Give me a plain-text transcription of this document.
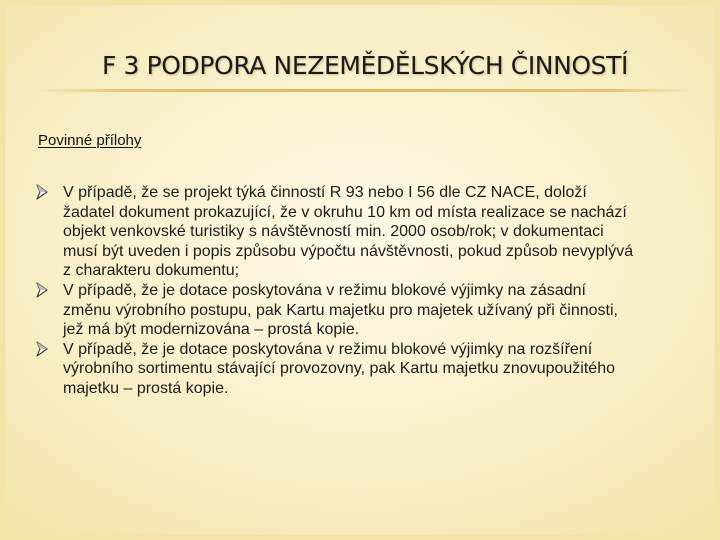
F 3 PODPORA NEZEMĚDĚLSKÝCH ČINNOSTÍ
Povinné přílohy
V případě, že se projekt týká činností R 93 nebo I 56 dle CZ NACE, doloží
žadatel dokument prokazující, že v okruhu 10 km od místa realizace se nachází
objekt venkovské turistiky s návštěvností min. 2000 osob/rok; v dokumentaci
musí být uveden i popis způsobu výpočtu návštěvnosti, pokud způsob nevyplývá
z charakteru dokumentu;
V případě, že je dotace poskytována v režimu blokové výjimky na zásadní
změnu výrobního postupu, pak Kartu majetku pro majetek užívaný při činnosti,
jež má být modernizována – prostá kopie.
V případě, že je dotace poskytována v režimu blokové výjimky na rozšíření
výrobního sortimentu stávající provozovny, pak Kartu majetku znovupoužitého
majetku – prostá kopie.
